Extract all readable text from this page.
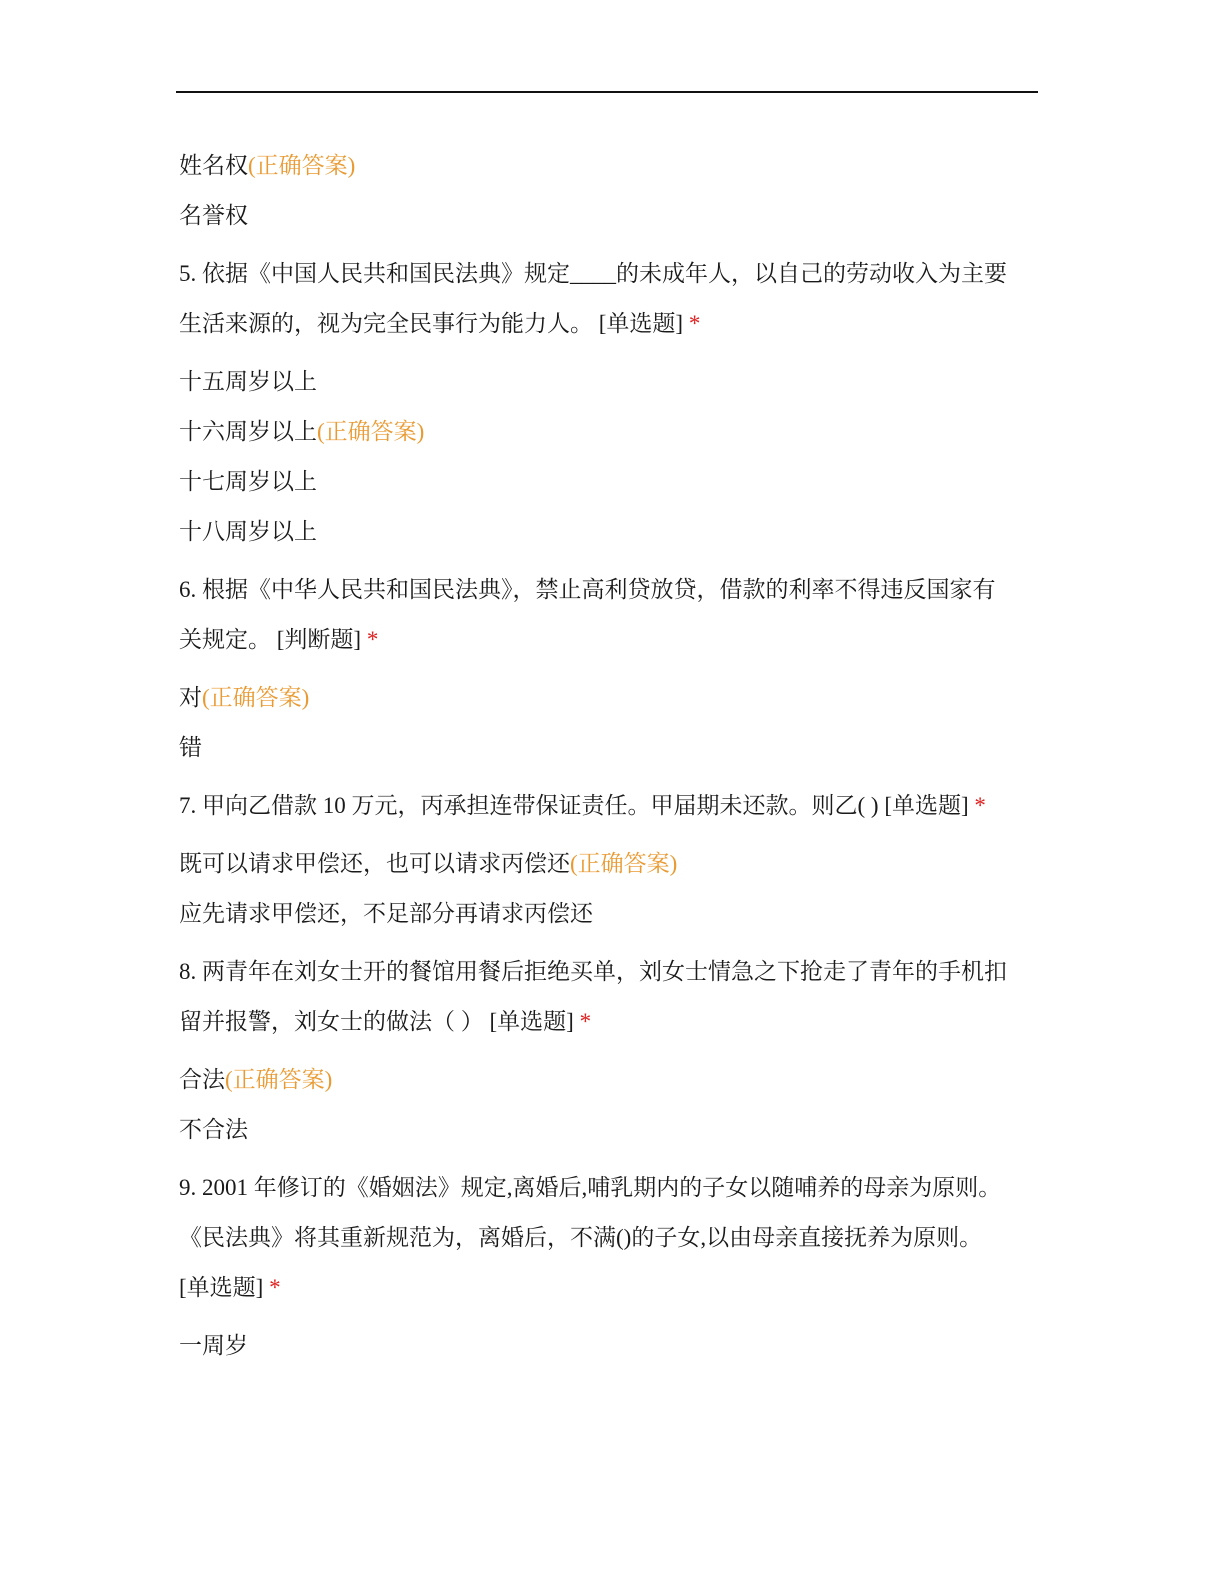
姓名权(正确答案)
名誉权
5. 依据《中国人民共和国民法典》规定____的未成年人，以自己的劳动收入为主要
生活来源的，视为完全民事行为能力人。 [单选题] *
十五周岁以上
十六周岁以上(正确答案)
十七周岁以上
十八周岁以上
6. 根据《中华人民共和国民法典》，禁止高利贷放贷，借款的利率不得违反国家有
关规定。 [判断题] *
对(正确答案)
错
7. 甲向乙借款 10 万元，丙承担连带保证责任。甲届期未还款。则乙( ) [单选题] *
既可以请求甲偿还，也可以请求丙偿还(正确答案)
应先请求甲偿还，不足部分再请求丙偿还
8. 两青年在刘女士开的餐馆用餐后拒绝买单，刘女士情急之下抢走了青年的手机扣
留并报警，刘女士的做法（ ） [单选题] *
合法(正确答案)
不合法
9. 2001 年修订的《婚姻法》规定,离婚后,哺乳期内的子女以随哺养的母亲为原则。
《民法典》将其重新规范为，离婚后，不满()的子女,以由母亲直接抚养为原则。
[单选题] *
一周岁
